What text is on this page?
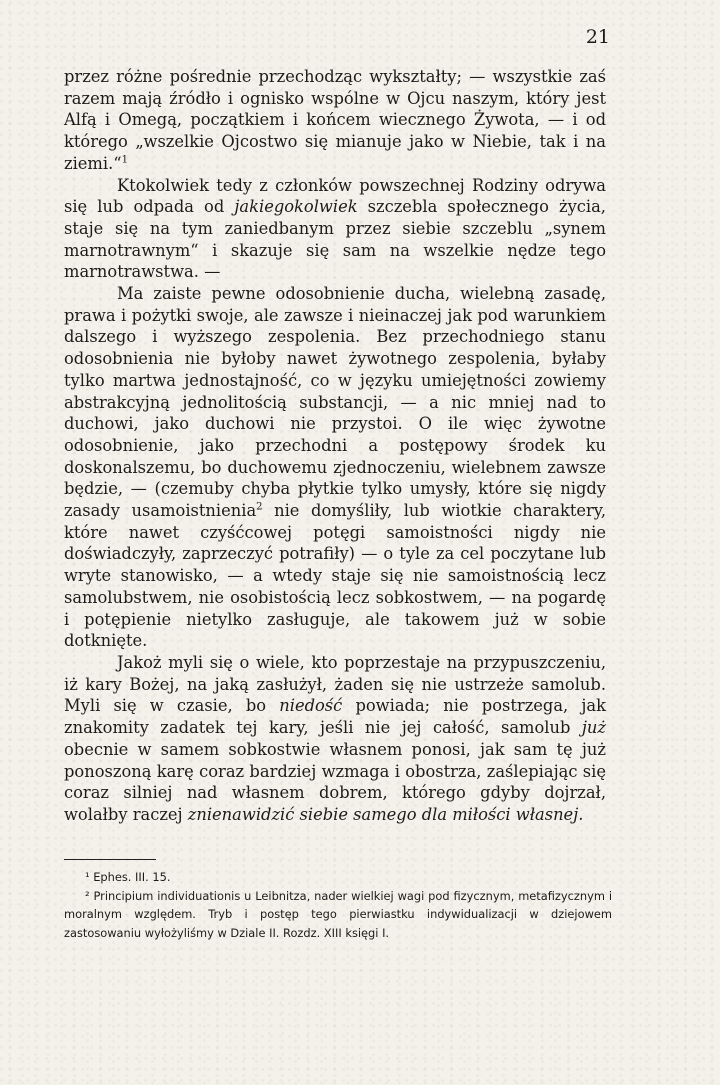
21

przez różne pośrednie przechodząc wykształty; — wszystkie zaś razem mają źródło i ognisko wspólne w Ojcu naszym, który jest Alfą i Omegą, początkiem i końcem wiecznego Żywota, — i od którego „wszelkie Ojcostwo się mianuje jako w Niebie, tak i na ziemi.“$^1$

Ktokolwiek tedy z członków powszechnej Rodziny odrywa się lub odpada od jakiegokolwiek szczebla społecznego życia, staje się na tym zaniedbanym przez siebie szczeblu „synem marnotrawnym“ i skazuje się sam na wszelkie nędze tego marnotrawstwa. —

Ma zaiste pewne odosobnienie ducha, wielebną zasadę, prawa i pożytki swoje, ale zawsze i nieinaczej jak pod warunkiem dalszego i wyższego zespolenia. Bez przechodniego stanu odosobnienia nie byłoby nawet żywotnego zespolenia, byłaby tylko martwa jednostajność, co w języku umiejętności zowiemy abstrakcyjną jednolitością substancji, — a nic mniej nad to duchowi, jako duchowi nie przystoi. O ile więc żywotne odosobnienie, jako przechodni a postępowy środek ku doskonalszemu, bo duchowemu zjednoczeniu, wielebnem zawsze będzie, — (czemuby chyba płytkie tylko umysły, które się nigdy zasady usamoistnienia$^2$ nie domyśliły, lub wiotkie charaktery, które nawet czyśćcowej potęgi samoistności nigdy nie doświadczyły, zaprzeczyć potrafiły) — o tyle za cel poczytane lub wryte stanowisko, — a wtedy staje się nie samoistnością lecz samolubstwem, nie osobistością lecz sobkostwem, — na pogardę i potępienie nietylko zasługuje, ale takowem już w sobie dotknięte.

Jakoż myli się o wiele, kto poprzestaje na przypuszczeniu, iż kary Bożej, na jaką zasłużył, żaden się nie ustrzeże samolub. Myli się w czasie, bo niedość powiada; nie postrzega, jak znakomity zadatek tej kary, jeśli nie jej całość, samolub już obecnie w samem sobkostwie własnem ponosi, jak sam tę już ponoszoną karę coraz bardziej wzmaga i obostrza, zaślepiając się coraz silniej nad własnem dobrem, którego gdyby dojrzał, wolałby raczej znienawidzić siebie samego dla miłości własnej.

¹ Ephes. III. 15.

² Principium individuationis u Leibnitza, nader wielkiej wagi pod fizycznym, metafizycznym i moralnym względem. Tryb i postęp tego pierwiastku indywidualizacji w dziejowem zastosowaniu wyłożyliśmy w Dziale II. Rozdz. XIII księgi I.
